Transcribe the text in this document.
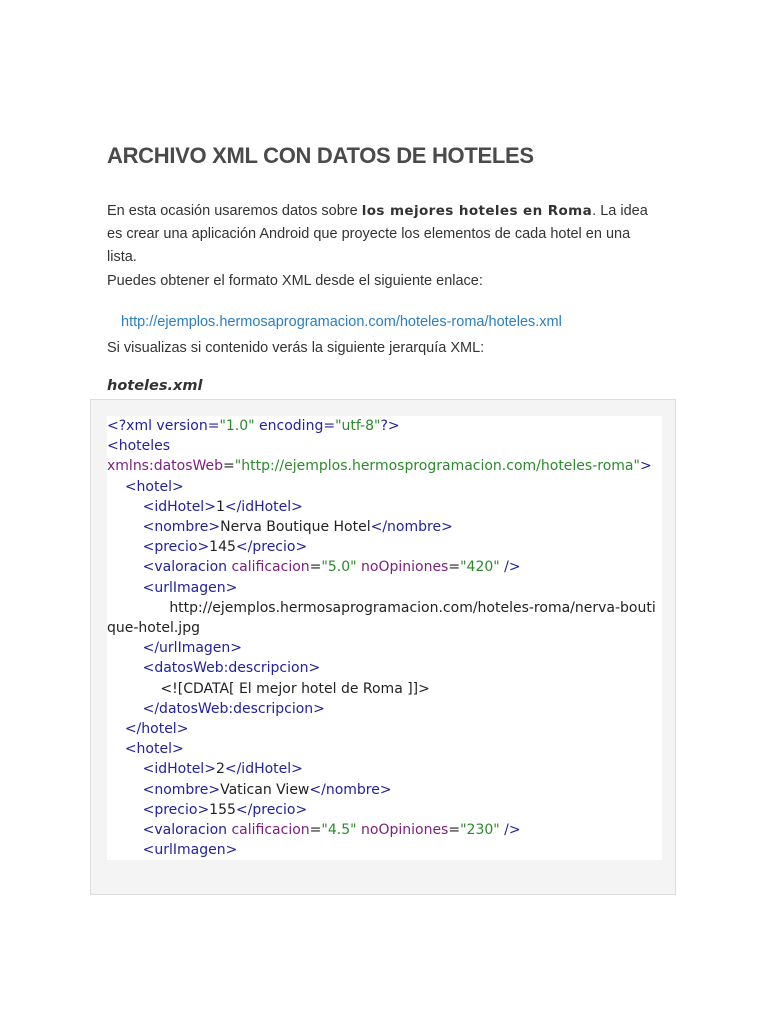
ARCHIVO XML CON DATOS DE HOTELES

En esta ocasión usaremos datos sobre los mejores hoteles en Roma. La idea es crear una aplicación Android que proyecte los elementos de cada hotel en una lista.

Puedes obtener el formato XML desde el siguiente enlace:

http://ejemplos.hermosaprogramacion.com/hoteles-roma/hoteles.xml

Si visualizas si contenido verás la siguiente jerarquía XML:

hoteles.xml
<?xml version="1.0" encoding="utf-8"?>
<hoteles
xmlns:datosWeb="http://ejemplos.hermosprogramacion.com/hoteles-roma">
<hotel>
<idHotel>1</idHotel>
<nombre>Nerva Boutique Hotel</nombre>
<precio>145</precio>
<valoracion calificacion="5.0" noOpiniones="420" />
<urlImagen>
http://ejemplos.hermosaprogramacion.com/hoteles-roma/nerva-boutique-hotel.jpg
</urlImagen>
<datosWeb:descripcion>
<![CDATA[ El mejor hotel de Roma ]]>
</datosWeb:descripcion>
</hotel>
<hotel>
<idHotel>2</idHotel>
<nombre>Vatican View</nombre>
<precio>155</precio>
<valoracion calificacion="4.5" noOpiniones="230" />
<urlImagen>
